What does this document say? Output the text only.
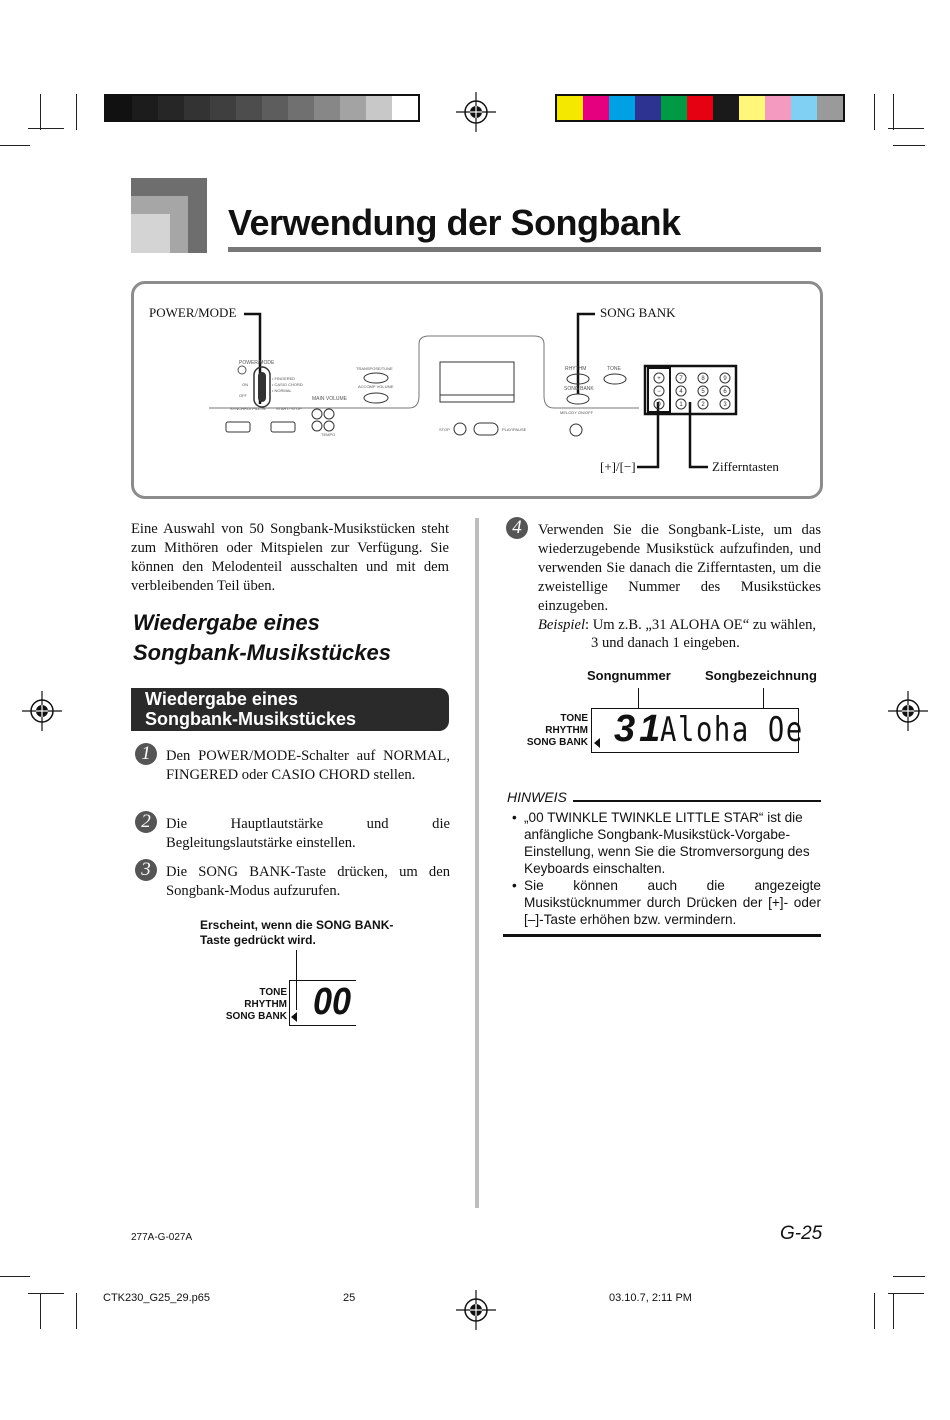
Verwendung der Songbank
POWER/MODE	SONG BANK
[+]/[−]	Zifferntasten
POWER/MODE
ON
OFF
• FINGERED
• CASIO CHORD
• NORMAL
SYNCHRO/ FILL-IN	START/ STOP
MAIN VOLUME
TEMPO
TRANSPOSE/TUNE
ACCOMP VOLUME
STOP	PLAY/PAUSE
RHYTHM	TONE
SONG BANK
MELODY ON/OFF
+	7	8	9
−	4	5	6
0	1	2	3
Eine Auswahl von 50 Songbank-Musikstücken steht zum Mithören oder Mitspielen zur Verfügung. Sie können den Melodenteil ausschalten und mit dem verbleibenden Teil üben.
Wiedergabe eines
Songbank-Musikstückes
Wiedergabe eines
Songbank-Musikstückes
1	Den POWER/MODE-Schalter auf NORMAL, FINGERED oder CASIO CHORD stellen.
2	Die Hauptlautstärke und die Begleitungslautstärke einstellen.
3	Die SONG BANK-Taste drücken, um den Songbank-Modus aufzurufen.
Erscheint, wenn die SONG BANK-Taste gedrückt wird.
TONE
RHYTHM
SONG BANK 00
4	Verwenden Sie die Songbank-Liste, um das wiederzugebende Musikstück aufzufinden, und verwenden Sie danach die Zifferntasten, um die zweistellige Nummer des Musikstückes einzugeben.
Beispiel: Um z.B. „31 ALOHA OE“ zu wählen,
3 und danach 1 eingeben.
Songnummer	Songbezeichnung
TONE
RHYTHM
SONG BANK 31
Aloha Oe
HINWEIS
• „00 TWINKLE TWINKLE LITTLE STAR“ ist die anfängliche Songbank-Musikstück-Vorgabe-Einstellung, wenn Sie die Stromversorgung des Keyboards einschalten.
• Sie können auch die angezeigte Musikstücknummer durch Drücken der [+]- oder [–]-Taste erhöhen bzw. vermindern.
277A-G-027A	G-25
CTK230_G25_29.p65	25	03.10.7, 2:11 PM
